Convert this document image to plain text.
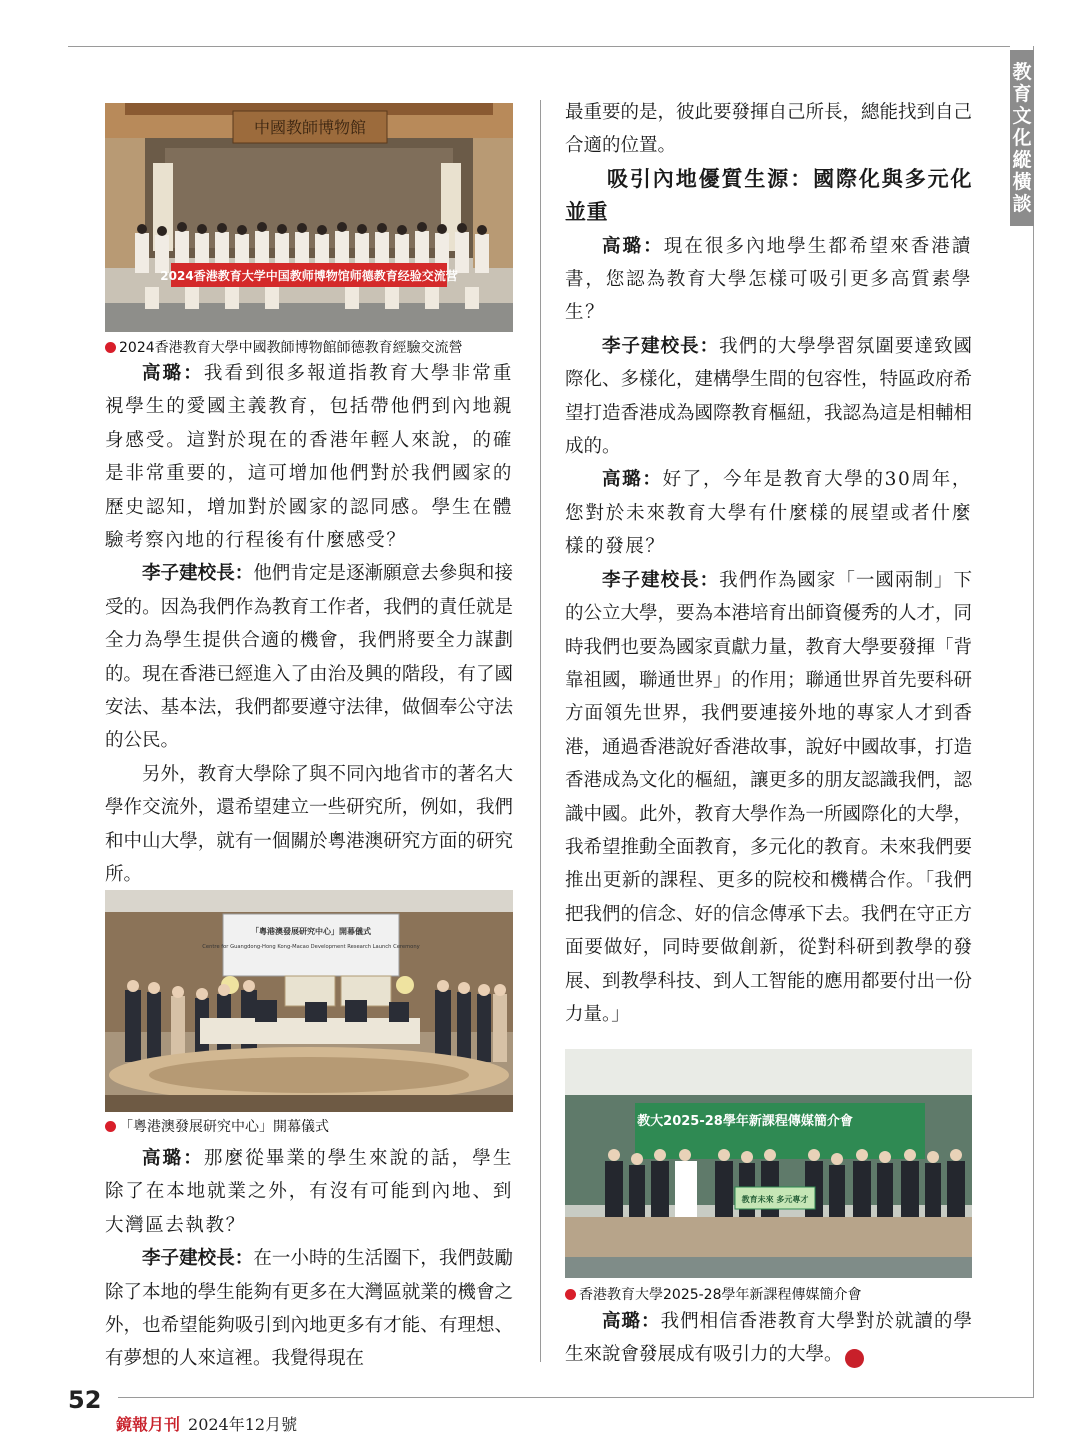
教
育
文
化
縱
橫
談
中國教師博物館
2024香港教育大学中国教师博物馆师德教育经验交流营
2024香港教育大學中國教師博物館師德教育經驗交流營
「粵港澳發展研究中心」開幕儀式
Centre for Guangdong-Hong Kong-Macao Development Research Launch Ceremony
「粵港澳發展研究中心」開幕儀式	教大2025-28學年新課程傳媒簡介會
教育未來 多元專才
香港教育大學2025-28學年新課程傳媒簡介會

高璐：我看到很多報道指教育大學非常重視學生的愛國主義教育，包括帶他們到內地親身感受。這對於現在的香港年輕人來說，的確是非常重要的，這可增加他們對於我們國家的歷史認知，增加對於國家的認同感。學生在體驗考察內地的行程後有什麼感受？

李子建校長：他們肯定是逐漸願意去參與和接受的。因為我們作為教育工作者，我們的責任就是全力為學生提供合適的機會，我們將要全力謀劃的。現在香港已經進入了由治及興的階段，有了國安法、基本法，我們都要遵守法律，做個奉公守法的公民。

另外，教育大學除了與不同內地省市的著名大學作交流外，還希望建立一些研究所，例如，我們和中山大學，就有一個關於粵港澳研究方面的研究所。

高璐：那麼從畢業的學生來說的話，學生除了在本地就業之外，有沒有可能到內地、到大灣區去執教？

李子建校長：在一小時的生活圈下，我們鼓勵除了本地的學生能夠有更多在大灣區就業的機會之外，也希望能夠吸引到內地更多有才能、有理想、有夢想的人來這裡。我覺得現在

最重要的是，彼此要發揮自己所長，總能找到自己合適的位置。

吸引內地優質生源：國際化與多元化並重

高璐：現在很多內地學生都希望來香港讀書，您認為教育大學怎樣可吸引更多高質素學生？

李子建校長：我們的大學學習氛圍要達致國際化、多樣化，建構學生間的包容性，特區政府希望打造香港成為國際教育樞紐，我認為這是相輔相成的。

高璐：好了，今年是教育大學的30周年，您對於未來教育大學有什麼樣的展望或者什麼樣的發展？

李子建校長：我們作為國家「一國兩制」下的公立大學，要為本港培育出師資優秀的人才，同時我們也要為國家貢獻力量，教育大學要發揮「背靠祖國，聯通世界」的作用；聯通世界首先要科研方面領先世界，我們要連接外地的專家人才到香港，通過香港說好香港故事，說好中國故事，打造香港成為文化的樞紐，讓更多的朋友認識我們，認識中國。此外，教育大學作為一所國際化的大學，我希望推動全面教育，多元化的教育。未來我們要推出更新的課程、更多的院校和機構合作。「我們把我們的信念、好的信念傳承下去。我們在守正方面要做好，同時要做創新，從對科研到教學的發展、到教學科技、到人工智能的應用都要付出一份力量。」

高璐：我們相信香港教育大學對於就讀的學生來說會發展成有吸引力的大學。	鏡

52
鏡報月刊 2024年12月號
